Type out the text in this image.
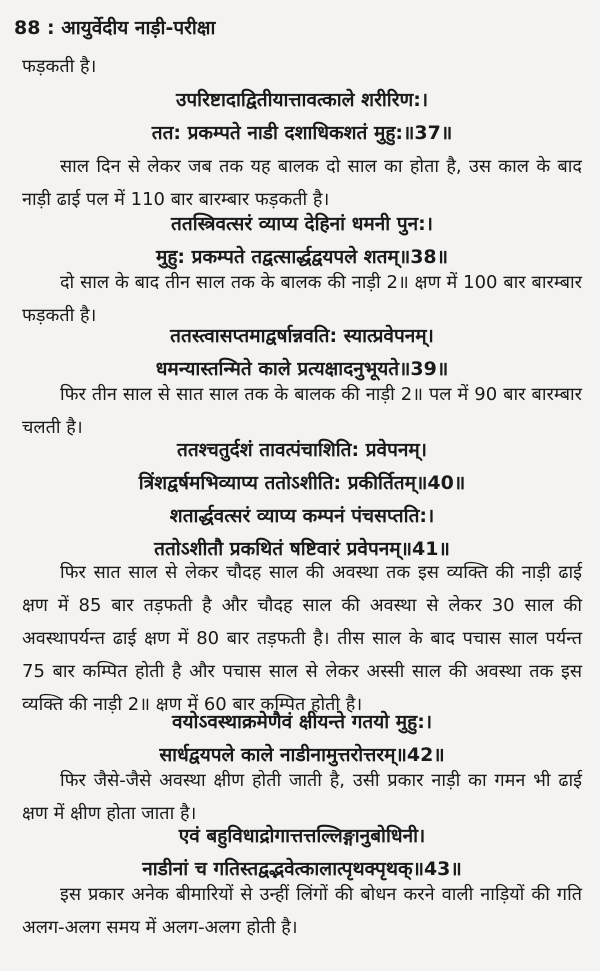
88 : आयुर्वेदीय नाड़ी-परीक्षा
फड़कती है।
उपरिष्टादाद्वितीयात्तावत्काले शरीरिण:।
तत: प्रकम्पते नाडी दशाधिकशतं मुहु:॥37॥
साल दिन से लेकर जब तक यह बालक दो साल का होता है, उस काल के बाद नाड़ी ढाई पल में 110 बार बारम्बार फड़कती है।
ततस्त्रिवत्सरं व्याप्य देहिनां धमनी पुन:।
मुहु: प्रकम्पते तद्वत्सार्द्धद्वयपले शतम्॥38॥
दो साल के बाद तीन साल तक के बालक की नाड़ी 2॥ क्षण में 100 बार बारम्बार फड़कती है।
ततस्त्वासप्तमाद्वर्षान्नवति: स्यात्प्रवेपनम्।
धमन्यास्तन्मिते काले प्रत्यक्षादनुभूयते॥39॥
फिर तीन साल से सात साल तक के बालक की नाड़ी 2॥ पल में 90 बार बारम्बार चलती है।
ततश्चतुर्दशं तावत्पंचाशिति: प्रवेपनम्।
त्रिंशद्वर्षमभिव्याप्य ततोऽशीति: प्रकीर्तितम्॥40॥
शतार्द्धवत्सरं व्याप्य कम्पनं पंचसप्तति:।
ततोऽशीतौ प्रकथितं षष्टिवारं प्रवेपनम्॥41॥
फिर सात साल से लेकर चौदह साल की अवस्था तक इस व्यक्ति की नाड़ी ढाई क्षण में 85 बार तड़फती है और चौदह साल की अवस्था से लेकर 30 साल की अवस्थापर्यन्त ढाई क्षण में 80 बार तड़फती है। तीस साल के बाद पचास साल पर्यन्त 75 बार कम्पित होती है और पचास साल से लेकर अस्सी साल की अवस्था तक इस व्यक्ति की नाड़ी 2॥ क्षण में 60 बार कम्पित होती है।
वयोऽवस्थाक्रमेणैवं क्षीयन्ते गतयो मुहु:।
सार्धद्वयपले काले नाडीनामुत्तरोत्तरम्॥42॥
फिर जैसे-जैसे अवस्था क्षीण होती जाती है, उसी प्रकार नाड़ी का गमन भी ढाई क्षण में क्षीण होता जाता है।
एवं बहुविधाद्रोगात्तत्तल्लिङ्गानुबोधिनी।
नाडीनां च गतिस्तद्वद्भवेत्कालात्पृथक्पृथक्॥43॥
इस प्रकार अनेक बीमारियों से उन्हीं लिंगों की बोधन करने वाली नाड़ियों की गति अलग-अलग समय में अलग-अलग होती है।
